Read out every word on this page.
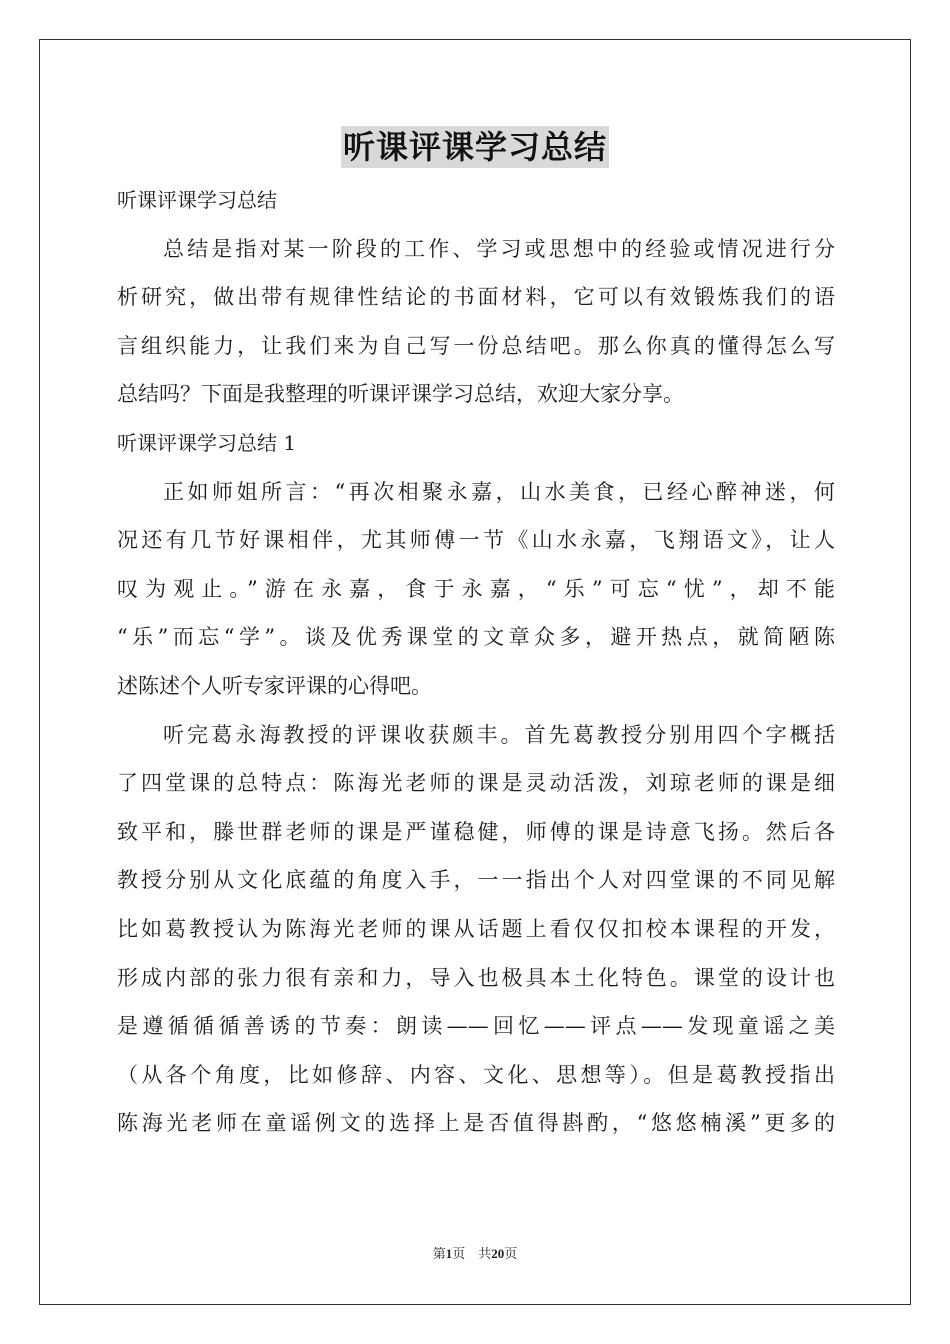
听课评课学习总结
听课评课学习总结
总结是指对某一阶段的工作、学习或思想中的经验或情况进行分
析研究，做出带有规律性结论的书面材料，它可以有效锻炼我们的语
言组织能力，让我们来为自己写一份总结吧。那么你真的懂得怎么写
总结吗？下面是我整理的听课评课学习总结，欢迎大家分享。
听课评课学习总结 1
正如师姐所言：“再次相聚永嘉，山水美食，已经心醉神迷，何
况还有几节好课相伴，尤其师傅一节《山水永嘉，飞翔语文》，让人
叹为观止。”游在永嘉，食于永嘉，“乐”可忘“忧”，却不能
“乐”而忘“学”。谈及优秀课堂的文章众多，避开热点，就简陋陈
述陈述个人听专家评课的心得吧。
听完葛永海教授的评课收获颇丰。首先葛教授分别用四个字概括
了四堂课的总特点：陈海光老师的课是灵动活泼，刘琼老师的课是细
致平和，滕世群老师的课是严谨稳健，师傅的课是诗意飞扬。然后各
教授分别从文化底蕴的角度入手，一一指出个人对四堂课的不同见解
比如葛教授认为陈海光老师的课从话题上看仅仅扣校本课程的开发，
形成内部的张力很有亲和力，导入也极具本土化特色。课堂的设计也
是遵循循循善诱的节奏：朗读——回忆——评点——发现童谣之美
（从各个角度，比如修辞、内容、文化、思想等）。但是葛教授指出
陈海光老师在童谣例文的选择上是否值得斟酌，“悠悠楠溪”更多的
第1页　共20页
